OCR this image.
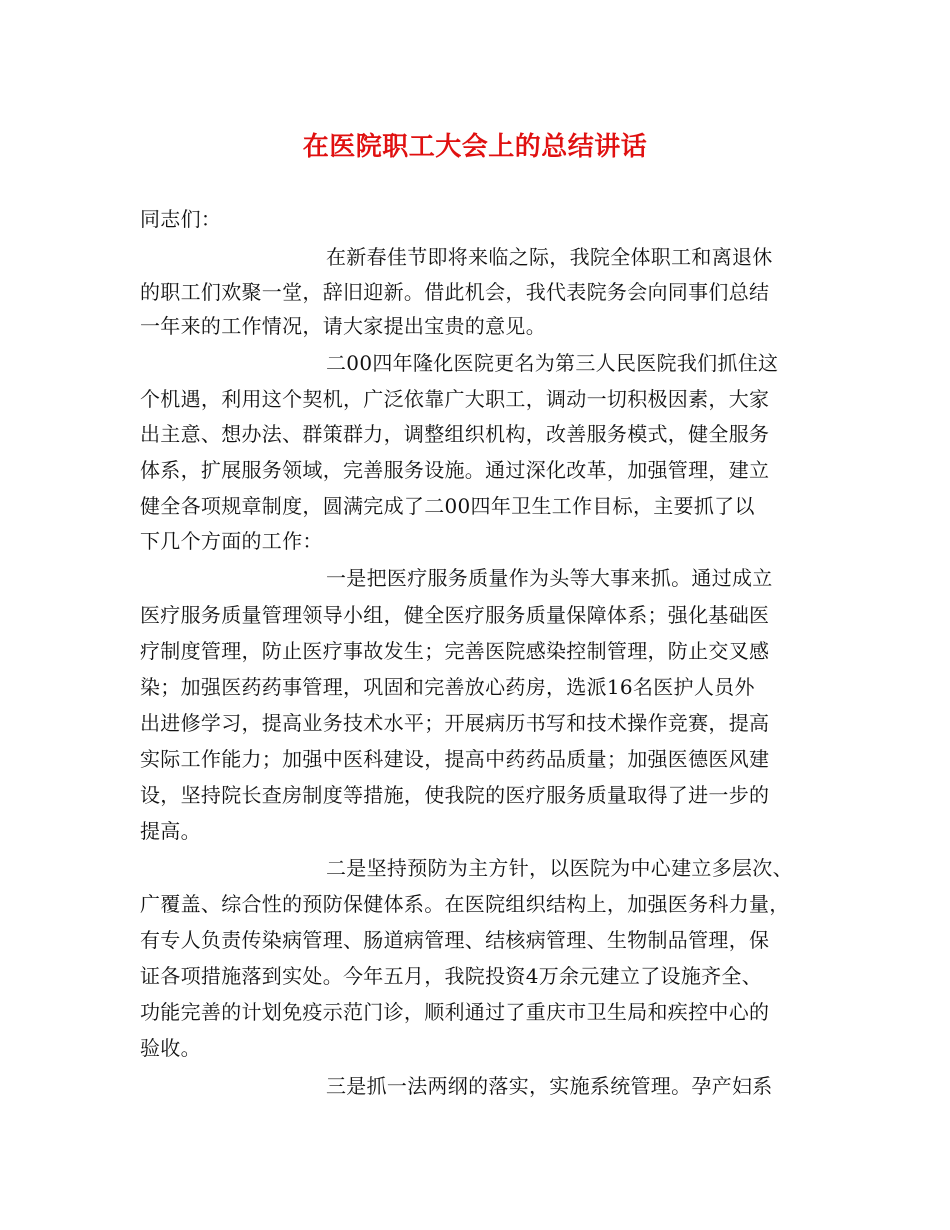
在医院职工大会上的总结讲话
同志们：
在新春佳节即将来临之际，我院全体职工和离退休
的职工们欢聚一堂，辞旧迎新。借此机会，我代表院务会向同事们总结
一年来的工作情况，请大家提出宝贵的意见。
二00四年隆化医院更名为第三人民医院我们抓住这
个机遇，利用这个契机，广泛依靠广大职工，调动一切积极因素，大家
出主意、想办法、群策群力，调整组织机构，改善服务模式，健全服务
体系，扩展服务领域，完善服务设施。通过深化改革，加强管理，建立
健全各项规章制度，圆满完成了二00四年卫生工作目标，主要抓了以
下几个方面的工作：
一是把医疗服务质量作为头等大事来抓。通过成立
医疗服务质量管理领导小组，健全医疗服务质量保障体系；强化基础医
疗制度管理，防止医疗事故发生；完善医院感染控制管理，防止交叉感
染；加强医药药事管理，巩固和完善放心药房，选派16名医护人员外
出进修学习，提高业务技术水平；开展病历书写和技术操作竞赛，提高
实际工作能力；加强中医科建设，提高中药药品质量；加强医德医风建
设，坚持院长查房制度等措施，使我院的医疗服务质量取得了进一步的
提高。
二是坚持预防为主方针，以医院为中心建立多层次、
广覆盖、综合性的预防保健体系。在医院组织结构上，加强医务科力量，
有专人负责传染病管理、肠道病管理、结核病管理、生物制品管理，保
证各项措施落到实处。今年五月，我院投资4万余元建立了设施齐全、
功能完善的计划免疫示范门诊，顺利通过了重庆市卫生局和疾控中心的
验收。
三是抓一法两纲的落实，实施系统管理。孕产妇系
